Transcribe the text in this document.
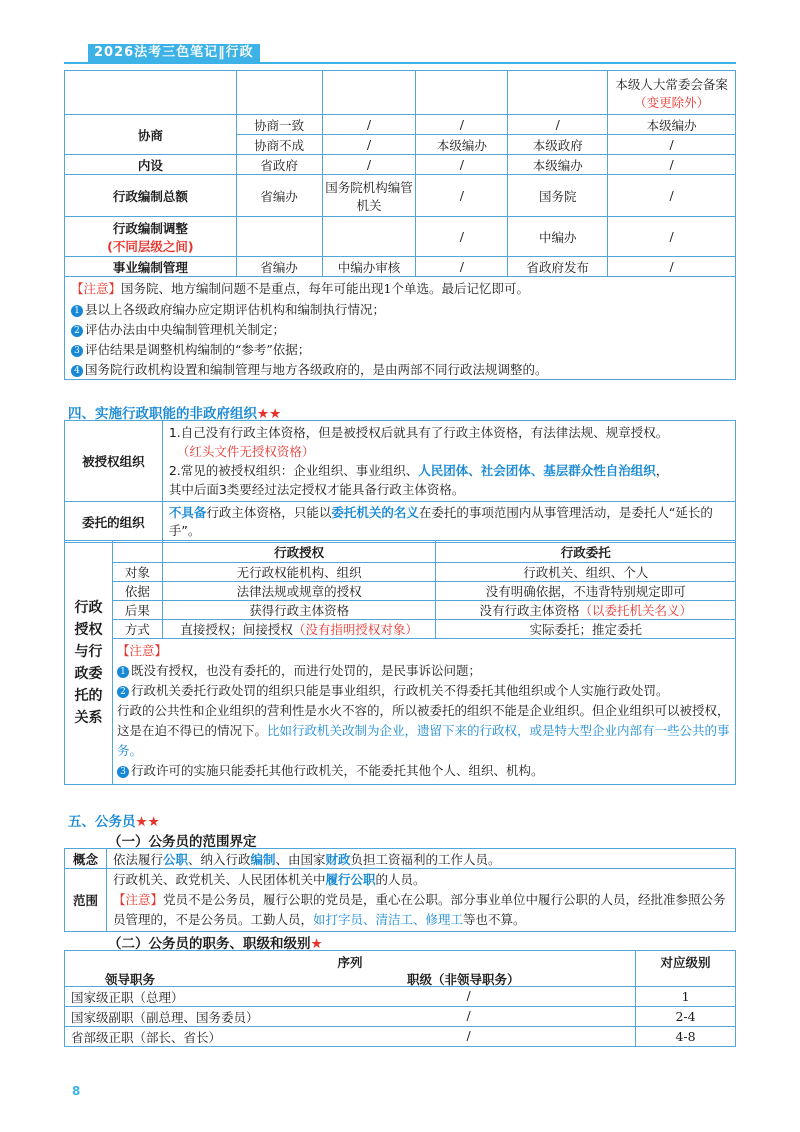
2026法考三色笔记‖行政
					本级人大常委会备案（变更除外）
协商	协商一致	/	/	/	本级编办
	协商不成	/	本级编办	本级政府	/
内设	省政府	/	/	本级编办	/
行政编制总额	省编办	国务院机构编管机关	/	国务院	/

行政编制调整
(不同层级之间)			/	中编办	/
事业编制管理	省编办	中编办审核	/	省政府发布	/

【注意】国务院、地方编制问题不是重点，每年可能出现1个单选。最后记忆即可。

1 县以上各级政府编办应定期评估机构和编制执行情况；

2 评估办法由中央编制管理机关制定；

3 评估结果是调整机构编制的“参考”依据；

4 国务院行政机构设置和编制管理与地方各级政府的，是由两部不同行政法规调整的。

四、实施行政职能的非政府组织★★
被授权组织	1.自己没有行政主体资格，但是被授权后就具有了行政主体资格，有法律法规、规章授权。
（红头文件无授权资格）
2.常见的被授权组织：企业组织、事业组织、人民团体、社会团体、基层群众性自治组织，
其中后面3类要经过法定授权才能具备行政主体资格。

委托的组织	不具备行政主体资格，只能以委托机关的名义在委托的事项范围内从事管理活动，是委托人“延长的手”。
行政授权与行政委托的关系		行政授权	行政委托
	对象	无行政权能机构、组织	行政机关、组织、个人
	依据	法律法规或规章的授权	没有明确依据，不违背特别规定即可
	后果	获得行政主体资格	没有行政主体资格（以委托机关名义）
	方式	直接授权；间接授权（没有指明授权对象）	实际委托；推定委托

	【注意】
1 既没有授权，也没有委托的，而进行处罚的，是民事诉讼问题；
2 行政机关委托行政处罚的组织只能是事业组织，行政机关不得委托其他组织或个人实施行政处罚。
行政的公共性和企业组织的营利性是水火不容的，所以被委托的组织不能是企业组织。但企业组织可以被授权，这是在迫不得已的情况下。比如行政机关改制为企业，遗留下来的行政权，或是特大型企业内部有一些公共的事务。
3 行政许可的实施只能委托其他行政机关，不能委托其他个人、组织、机构。		
五、公务员★★
（一）公务员的范围界定
概念	依法履行公职、纳入行政编制、由国家财政负担工资福利的工作人员。
范围	行政机关、政党机关、人民团体机关中履行公职的人员。
【注意】党员不是公务员，履行公职的党员是，重心在公职。部分事业单位中履行公职的人员，经批准参照公务员管理的，不是公务员。工勤人员，如打字员、清洁工、修理工等也不算。
（二）公务员的职务、职级和级别★
序列
领导职务 职级（非领导职务）	对应级别
国家级正职（总理） /	1
国家级副职（副总理、国务委员） /	2-4
省部级正职（部长、省长） /	4-8
8
